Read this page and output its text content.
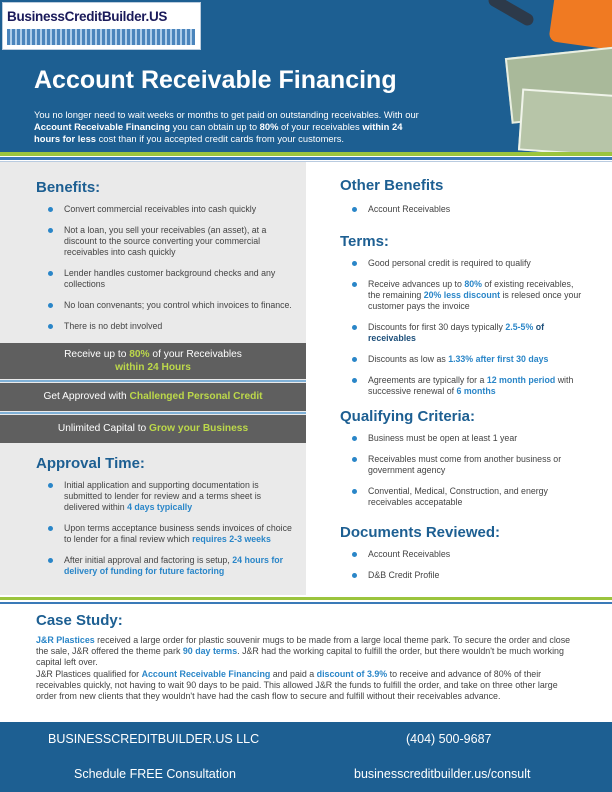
BusinessCreditBuilder.US
Account Receivable Financing
You no longer need to wait weeks or months to get paid on outstanding receivables. With our Account Receivable Financing you can obtain up to 80% of your receivables within 24 hours for less cost than if you accepted credit cards from your customers.
Benefits:
Convert commercial receivables into cash quickly
Not a loan, you sell your receivables (an asset), at a discount to the source converting your commercial receivables into cash quickly
Lender handles customer background checks and any collections
No loan convenants; you control which invoices to finance.
There is no debt involved
Receive up to 80% of your Receivables
within 24 Hours
Get Approved with Challenged Personal Credit
Unlimited Capital to Grow your Business
Approval Time:
Initial application and supporting documentation is submitted to lender for review and a terms sheet is delivered within 4 days typically
Upon terms acceptance business sends invoices of choice to lender for a final review which requires 2-3 weeks
After initial approval and factoring is setup, 24 hours for delivery of funding for future factoring
Other Benefits
Account Receivables
Terms:
Good personal credit is required to qualify
Receive advances up to 80% of existing receivables, the remaining 20% less discount is relesed once your customer pays the invoice
Discounts for first 30 days typically 2.5-5% of receivables
Discounts as low as 1.33% after first 30 days
Agreements are typically for a 12 month period with successive renewal of 6 months
Qualifying Criteria:
Business must be open at least 1 year
Receivables must come from another business or government agency
Convential, Medical, Construction, and energy receivables accepatable
Documents Reviewed:
Account Receivables
D&B Credit Profile
Case Study:
J&R Plastices received a large order for plastic souvenir mugs to be made from a large local theme park. To secure the order and close the sale, J&R offered the theme park 90 day terms. J&R had the working capital to fulfill the order, but there wouldn't be much working capital left over.
J&R Plastices qualified for Account Receivable Financing and paid a discount of 3.9% to receive and advance of 80% of their receivables quickly, not having to wait 90 days to be paid. This allowed J&R the funds to fulfill the order, and take on three other large order from new clients that they wouldn't have had the cash flow to secure and fulfill without their receivables advance.
BUSINESSCREDITBUILDER.US LLC	(404) 500-9687
Schedule FREE Consultation	businesscreditbuilder.us/consult
